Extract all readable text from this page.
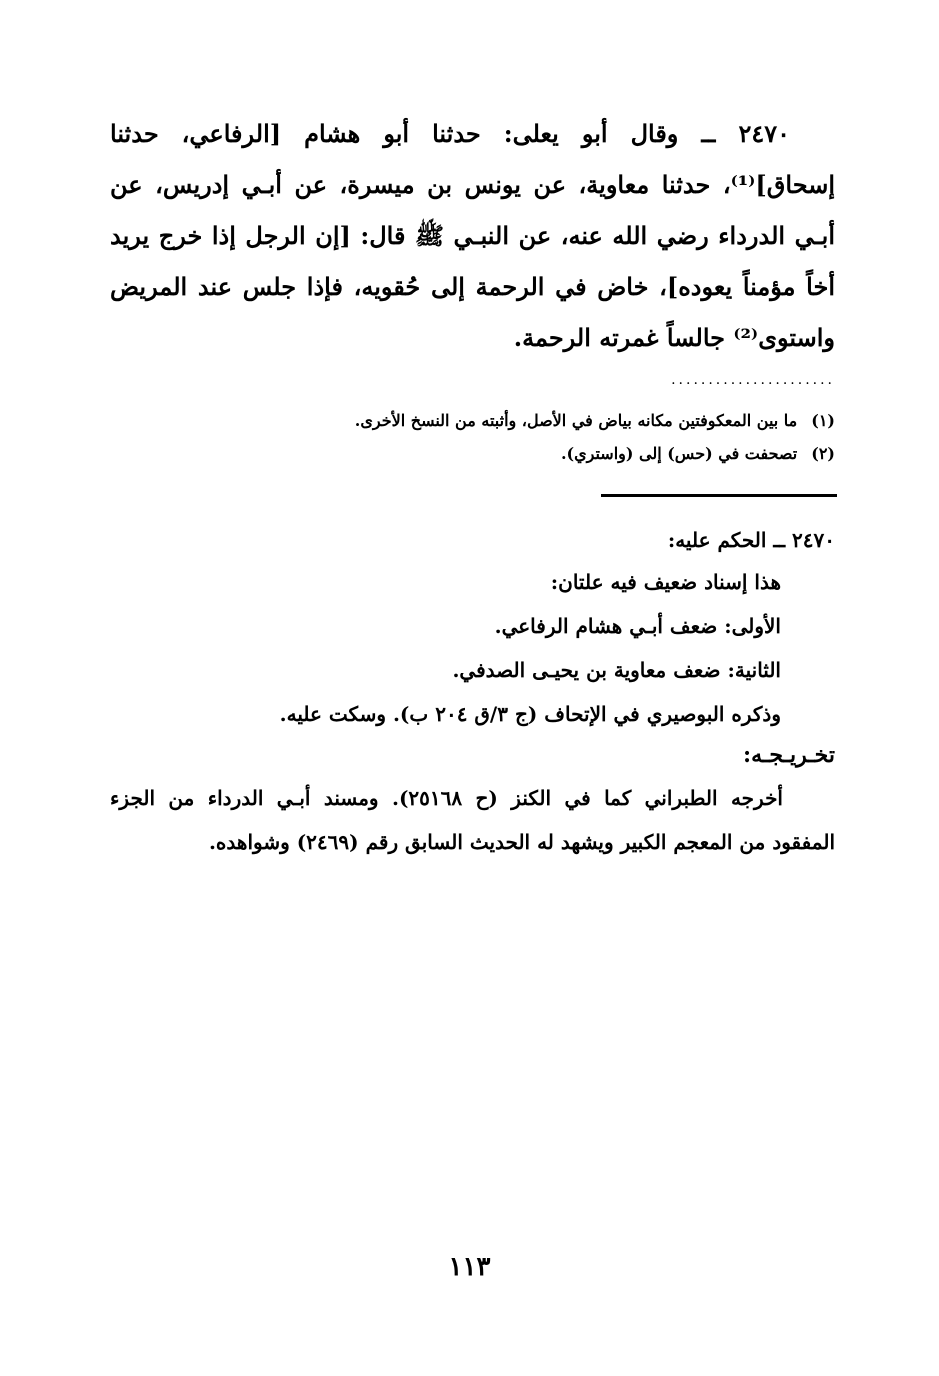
٢٤٧٠ ــ وقال أبو يعلى: حدثنا أبو هشام [الرفاعي، حدثنا
إسحاق]⁽¹⁾، حدثنا معاوية، عن يونس بن ميسرة، عن أبـي إدريس، عن
أبـي الدرداء رضي الله عنه، عن النبـي ﷺ قال: [إن الرجل إذا خرج يريد
أخاً مؤمناً يعوده]، خاض في الرحمة إلى حُقويه، فإذا جلس عند المريض
واستوى⁽²⁾ جالساً غمرته الرحمة.
......................
(١)ما بين المعكوفتين مكانه بياض في الأصل، وأثبته من النسخ الأخرى.
(٢)تصحفت في (حس) إلى (واستري).
٢٤٧٠ ــ الحكم عليه:
هذا إسناد ضعيف فيه علتان:
الأولى: ضعف أبـي هشام الرفاعي.
الثانية: ضعف معاوية بن يحيـى الصدفي.
وذكره البوصيري في الإتحاف (ج ٣/ق ٢٠٤ ب). وسكت عليه.
تخـريـجـه:
أخرجه الطبراني كما في الكنز (ح ٢٥١٦٨). ومسند أبـي الدرداء من الجزء
المفقود من المعجم الكبير ويشهد له الحديث السابق رقم (٢٤٦٩) وشواهده.
١١٣
